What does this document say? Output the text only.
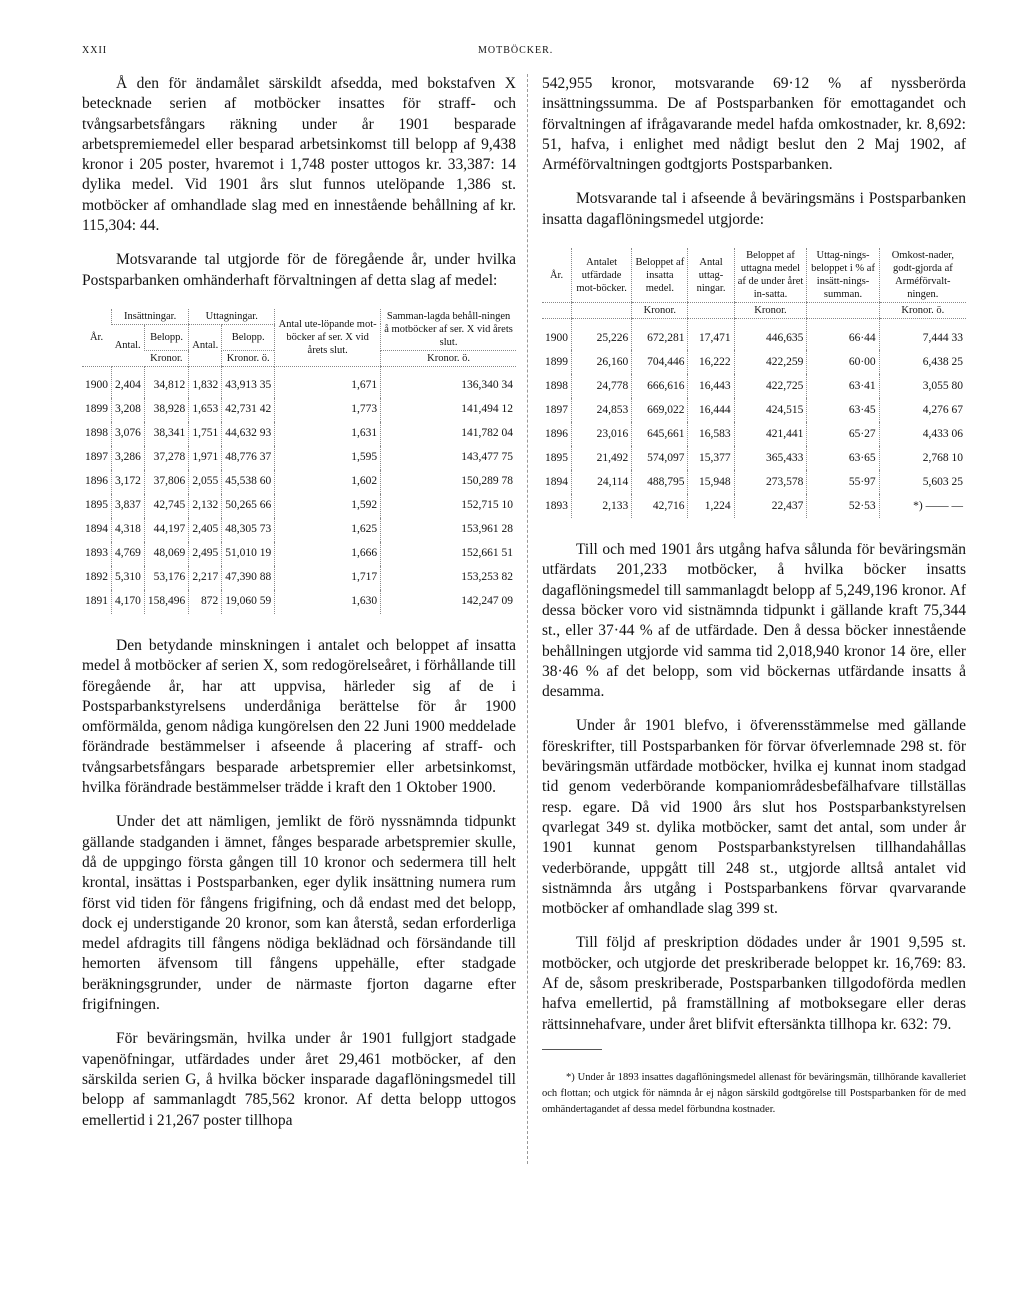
XXII	MOTBÖCKER.

Å den för ändamålet särskildt afsedda, med bokstafven X betecknade serien af motböcker insattes för straff- och tvångsarbetsfångars räkning under år 1901 besparade arbetspremiemedel eller besparad arbetsinkomst till belopp af 9,438 kronor i 205 poster, hvaremot i 1,748 poster uttogos kr. 33,387: 14 dylika medel. Vid 1901 års slut funnos utelöpande 1,386 st. motböcker af omhandlade slag med en innestående behållning af kr. 115,304: 44.

Motsvarande tal utgjorde för de föregående år, under hvilka Postsparbanken omhänderhaft förvaltningen af detta slag af medel:

År.	Insättningar.		Uttagningar.		Antal ute-löpande mot-böcker af ser. X vid årets slut.	Samman-lagda behåll-ningen å motböcker af ser. X vid årets slut.
	Antal.	Belopp.	Antal.	Belopp.		
		Kronor.		Kronor. ö.		Kronor. ö.
1900	2,404	34,812	1,832	43,913 35	1,671	136,340 34
1899	3,208	38,928	1,653	42,731 42	1,773	141,494 12
1898	3,076	38,341	1,751	44,632 93	1,631	141,782 04
1897	3,286	37,278	1,971	48,776 37	1,595	143,477 75
1896	3,172	37,806	2,055	45,538 60	1,602	150,289 78
1895	3,837	42,745	2,132	50,265 66	1,592	152,715 10
1894	4,318	44,197	2,405	48,305 73	1,625	153,961 28
1893	4,769	48,069	2,495	51,010 19	1,666	152,661 51
1892	5,310	53,176	2,217	47,390 88	1,717	153,253 82
1891	4,170	158,496	872	19,060 59	1,630	142,247 09

Den betydande minskningen i antalet och beloppet af insatta medel å motböcker af serien X, som redogörelseåret, i förhållande till föregående år, har att uppvisa, härleder sig af de i Postsparbankstyrelsens underdåniga berättelse för år 1900 omförmälda, genom nådiga kungörelsen den 22 Juni 1900 meddelade förändrade bestämmelser i afseende å placering af straff- och tvångsarbetsfångars besparade arbetspremier eller arbetsinkomst, hvilka förändrade bestämmelser trädde i kraft den 1 Oktober 1900.

Under det att nämligen, jemlikt de förö nyssnämnda tidpunkt gällande stadganden i ämnet, fånges besparade arbetspremier skulle, då de uppgingo första gången till 10 kronor och sedermera till helt krontal, insättas i Postsparbanken, eger dylik insättning numera rum först vid tiden för fångens frigifning, och då endast med det belopp, dock ej understigande 20 kronor, som kan återstå, sedan erforderliga medel afdragits till fångens nödiga beklädnad och försändande till hemorten äfvensom till fångens uppehälle, efter stadgade beräkningsgrunder, under de närmaste fjorton dagarne efter frigifningen.

För beväringsmän, hvilka under år 1901 fullgjort stadgade vapenöfningar, utfärdades under året 29,461 motböcker, af den särskilda serien G, å hvilka böcker insparade dagaflöningsmedel till belopp af sammanlagdt 785,562 kronor. Af detta belopp uttogos emellertid i 21,267 poster tillhopa

542,955 kronor, motsvarande 69·12 % af nyssberörda insättningssumma. De af Postsparbanken för emottagandet och förvaltningen af ifrågavarande medel hafda omkostnader, kr. 8,692: 51, hafva, i enlighet med nådigt beslut den 2 Maj 1902, af Arméförvaltningen godtgjorts Postsparbanken.

Motsvarande tal i afseende å beväringsmäns i Postsparbanken insatta dagaflöningsmedel utgjorde:

År.	Antalet utfärdade mot-böcker.	Beloppet af insatta medel.	Antal uttag-ningar.	Beloppet af uttagna medel af de under året in-satta.	Uttag-nings-beloppet i % af insätt-nings-summan.	Omkost-nader, godt-gjorda af Arméförvalt-ningen.
		Kronor.		Kronor.		Kronor. ö.
1900	25,226	672,281	17,471	446,635	66·44	7,444 33
1899	26,160	704,446	16,222	422,259	60·00	6,438 25
1898	24,778	666,616	16,443	422,725	63·41	3,055 80
1897	24,853	669,022	16,444	424,515	63·45	4,276 67
1896	23,016	645,661	16,583	421,441	65·27	4,433 06
1895	21,492	574,097	15,377	365,433	63·65	2,768 10
1894	24,114	488,795	15,948	273,578	55·97	5,603 25
1893	2,133	42,716	1,224	22,437	52·53	*) —— —

Till och med 1901 års utgång hafva sålunda för beväringsmän utfärdats 201,233 motböcker, å hvilka böcker insatts dagaflöningsmedel till sammanlagdt belopp af 5,249,196 kronor. Af dessa böcker voro vid sistnämnda tidpunkt i gällande kraft 75,344 st., eller 37·44 % af de utfärdade. Den å dessa böcker innestående behållningen utgjorde vid samma tid 2,018,940 kronor 14 öre, eller 38·46 % af det belopp, som vid böckernas utfärdande insatts å desamma.

Under år 1901 blefvo, i öfverensstämmelse med gällande föreskrifter, till Postsparbanken för förvar öfverlemnade 298 st. för beväringsmän utfärdade motböcker, hvilka ej kunnat inom stadgad tid genom vederbörande kompaniområdesbefälhafvare tillställas resp. egare. Då vid 1900 års slut hos Postsparbankstyrelsen qvarlegat 349 st. dylika motböcker, samt det antal, som under år 1901 kunnat genom Postsparbankstyrelsen tillhandahållas vederbörande, uppgått till 248 st., utgjorde alltså antalet vid sistnämnda års utgång i Postsparbankens förvar qvarvarande motböcker af omhandlade slag 399 st.

Till följd af preskription dödades under år 1901 9,595 st. motböcker, och utgjorde det preskriberade beloppet kr. 16,769: 83. Af de, såsom preskriberade, Postsparbanken tillgodoförda medlen hafva emellertid, på framställning af motboksegare eller deras rättsinnehafvare, under året blifvit eftersänkta tillhopa kr. 632: 79.

*) Under år 1893 insattes dagaflöningsmedel allenast för beväringsmän, tillhörande kavalleriet och flottan; och utgick för nämnda år ej någon särskild godtgörelse till Postsparbanken för de med omhändertagandet af dessa medel förbundna kostnader.
